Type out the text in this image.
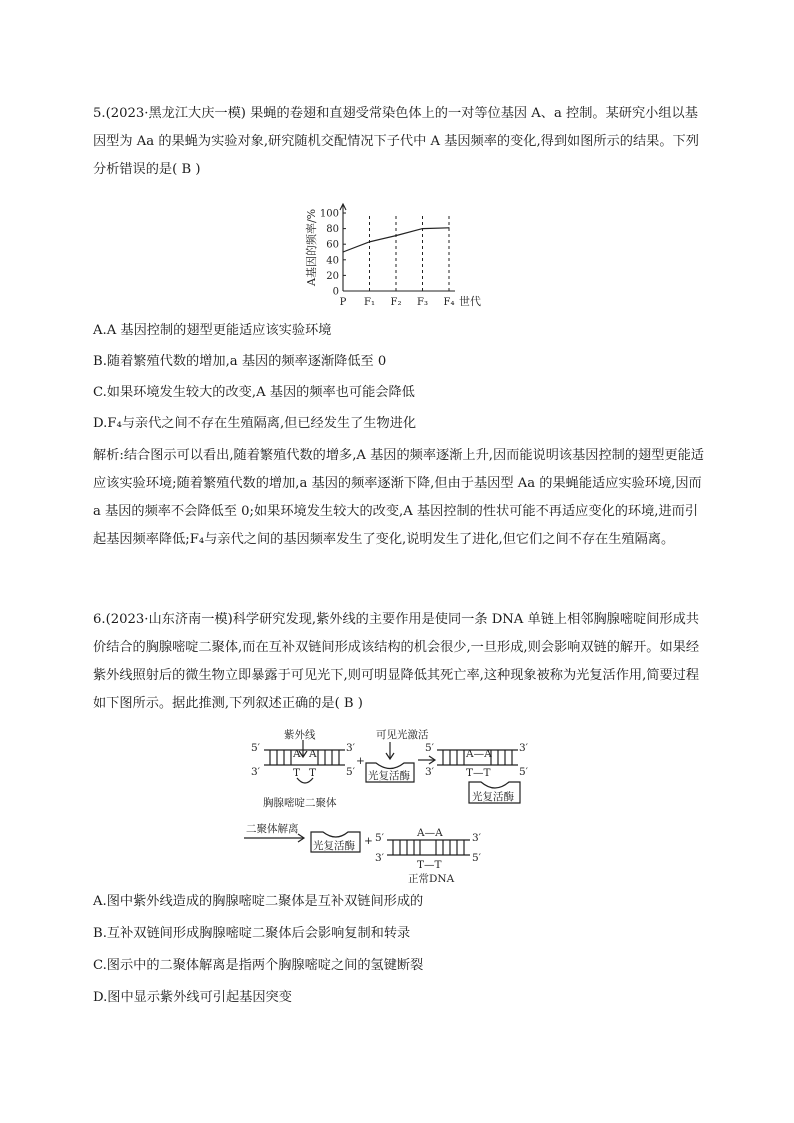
5.(2023·黑龙江大庆一模) 果蝇的卷翅和直翅受常染色体上的一对等位基因 A、a 控制。某研究小组以基因型为 Aa 的果蝇为实验对象,研究随机交配情况下子代中 A 基因频率的变化,得到如图所示的结果。下列分析错误的是( B )

0
20
40
60
80
100
P F₁ F₂ F₃ F₄ 世代
A基因的频率/%

A.A 基因控制的翅型更能适应该实验环境

B.随着繁殖代数的增加,a 基因的频率逐渐降低至 0

C.如果环境发生较大的改变,A 基因的频率也可能会降低

D.F₄与亲代之间不存在生殖隔离,但已经发生了生物进化

解析:结合图示可以看出,随着繁殖代数的增多,A 基因的频率逐渐上升,因而能说明该基因控制的翅型更能适应该实验环境;随着繁殖代数的增加,a 基因的频率逐渐下降,但由于基因型 Aa 的果蝇能适应实验环境,因而 a 基因的频率不会降低至 0;如果环境发生较大的改变,A 基因控制的性状可能不再适应变化的环境,进而引起基因频率降低;F₄与亲代之间的基因频率发生了变化,说明发生了进化,但它们之间不存在生殖隔离。

6.(2023·山东济南一模)科学研究发现,紫外线的主要作用是使同一条 DNA 单链上相邻胸腺嘧啶间形成共价结合的胸腺嘧啶二聚体,而在互补双链间形成该结构的机会很少,一旦形成,则会影响双链的解开。如果经紫外线照射后的微生物立即暴露于可见光下,则可明显降低其死亡率,这种现象被称为光复活作用,简要过程如下图所示。据此推测,下列叙述正确的是( B )

紫外线	可见光激活
5′
3′
3′
5′
A A
T T
胸腺嘧啶二聚体
+
光复活酶
5′
3′
3′
5′
A—A
T—T
光复活酶
二聚体解离
光复活酶 + 5′
3′
3′
5′
A—A
T—T
正常DNA

A.图中紫外线造成的胸腺嘧啶二聚体是互补双链间形成的

B.互补双链间形成胸腺嘧啶二聚体后会影响复制和转录

C.图示中的二聚体解离是指两个胸腺嘧啶之间的氢键断裂

D.图中显示紫外线可引起基因突变
